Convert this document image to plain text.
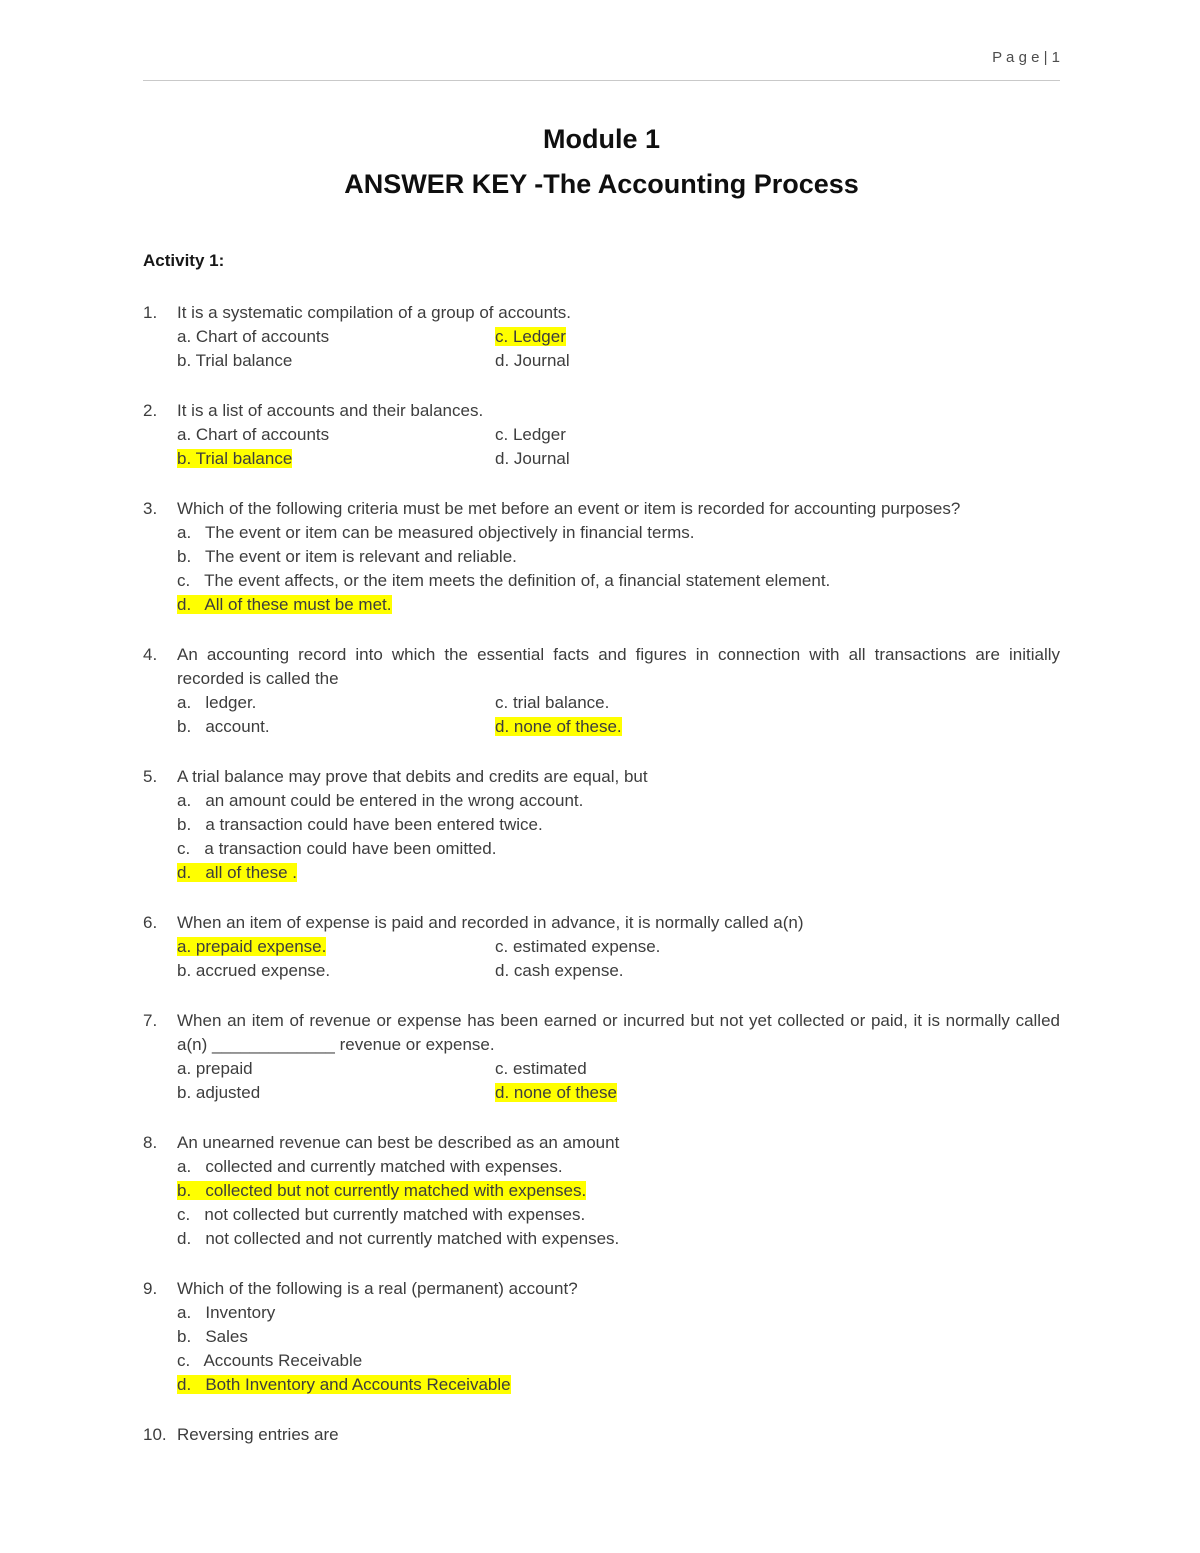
P a g e | 1
Module 1
ANSWER KEY -The Accounting Process
Activity 1:
1.	It is a systematic compilation of a group of accounts.
a. Chart of accounts	c. Ledger
b. Trial balance	d. Journal
2.	It is a list of accounts and their balances.
a. Chart of accounts	c. Ledger
b. Trial balance	d. Journal
3.	Which of the following criteria must be met before an event or item is recorded for accounting purposes?
a.   The event or item can be measured objectively in financial terms.
b.   The event or item is relevant and reliable.
c.   The event affects, or the item meets the definition of, a financial statement element.
d.   All of these must be met.
4.	An accounting record into which the essential facts and figures in connection with all transactions are initially recorded is called the
a.   ledger.	c. trial balance.
b.   account.	d. none of these.
5.	A trial balance may prove that debits and credits are equal, but
a.   an amount could be entered in the wrong account.
b.   a transaction could have been entered twice.
c.   a transaction could have been omitted.
d.   all of these .
6.	When an item of expense is paid and recorded in advance, it is normally called a(n)
a. prepaid expense.	c. estimated expense.
b. accrued expense.	d. cash expense.
7.	When an item of revenue or expense has been earned or incurred but not yet collected or paid, it is normally called a(n) _____________ revenue or expense.
a. prepaid	c. estimated
b. adjusted	d. none of these
8.	An unearned revenue can best be described as an amount
a.   collected and currently matched with expenses.
b.   collected but not currently matched with expenses.
c.   not collected but currently matched with expenses.
d.   not collected and not currently matched with expenses.
9.	Which of the following is a real (permanent) account?
a.   Inventory
b.   Sales
c.   Accounts Receivable
d.   Both Inventory and Accounts Receivable
10. Reversing entries are
